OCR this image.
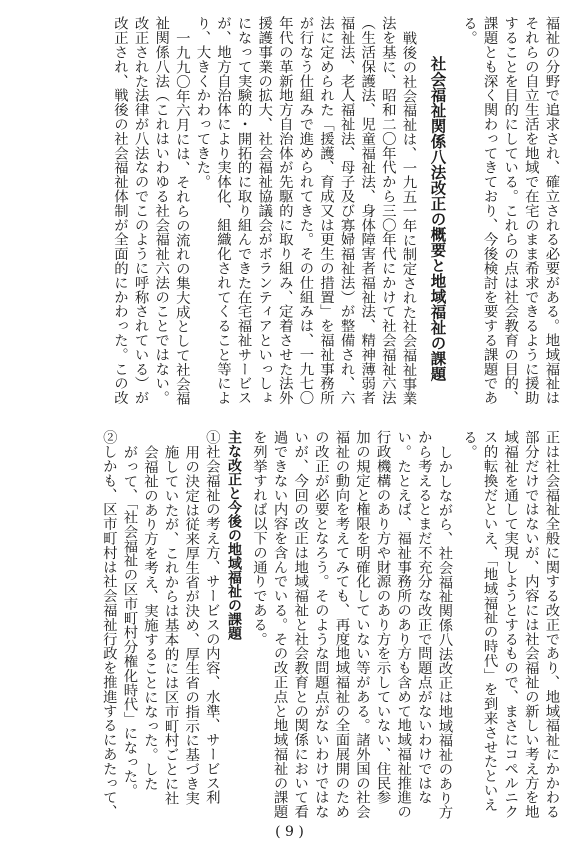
( 9 )
福祉の分野で追求され、確立される必要がある。地域福祉は
それらの自立生活を地域で在宅のまま希求できるように援助
することを目的にしている。これらの点は社会教育の目的、
課題とも深く関わってきており、今後検討を要する課題であ
る。
社会福祉関係八法改正の概要と地域福祉の課題
戦後の社会福祉は、一九五一年に制定された社会福祉事業
法を基に、昭和二〇年代から三〇年代にかけて社会福祉六法
（生活保護法、児童福祉法、身体障害者福祉法、精神薄弱者
福祉法、老人福祉法、母子及び寡婦福祉法）が整備され、六
法に定められた「援護、育成又は更生の措置」を福祉事務所
が行なう仕組みで進められてきた。その仕組みは、一九七〇
年代の革新地方自治体が先駆的に取り組み、定着させた法外
援護事業の拡大、社会福祉協議会がボランティアといっしょ
になって実験的・開拓的に取り組んできた在宅福祉サービス
が、地方自治体により実体化、組織化されてくること等によ
り、大きくかわってきた。
一九九〇年六月には、それらの流れの集大成として社会福
祉関係八法（これはいわゆる社会福祉六法のことではない。
改正された法律が八法なのでこのように呼称されている）が
改正され、戦後の社会福祉体制が全面的にかわった。この改
正は社会福祉全般に関する改正であり、地域福祉にかかわる
部分だけではないが、内容には社会福祉の新しい考え方を地
域福祉を通して実現しようとするもので、まさにコペルニク
ス的転換だといえ、「地域福祉の時代」を到来させたといえ
る。
しかしながら、社会福祉関係八法改正は地域福祉のあり方
から考えるとまだ不充分な改正で問題点がないわけではな
い。たとえば、福祉事務所のあり方も含めて地域福祉推進の
行政機構のあり方や財源のあり方を示していない、住民参
加の規定と権限を明確化していない等がある。諸外国の社会
福祉の動向を考えてみても、再度地域福祉の全面展開のため
の改正が必要となろう。そのような問題点がないわけではな
いが、今回の改正は地域福祉と社会教育との関係において看
過できない内容を含んでいる。その改正点と地域福祉の課題
を列挙すれば以下の通りである。
主な改正と今後の地域福祉の課題
①社会福祉の考え方、サービスの内容、水準、サービス利
用の決定は従来厚生省が決め、厚生省の指示に基づき実
施していたが、これからは基本的には区市町村ごとに社
会福祉のあり方を考え、実施することになった。した
がって、「社会福祉の区市町村分権化時代」になった。
②しかも、区市町村は社会福祉行政を推進するにあたって、
